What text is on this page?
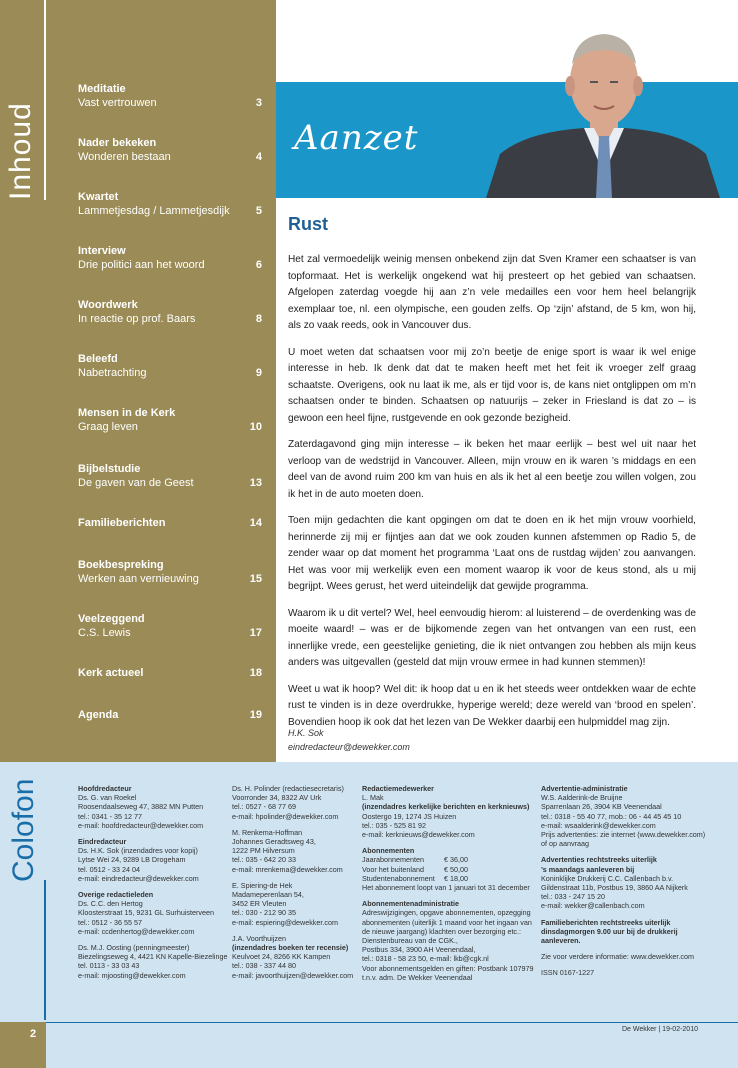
Inhoud
Meditatie
Vast vertrouwen	3
Nader bekeken
Wonderen bestaan	4
Kwartet
Lammetjesdag / Lammetjesdijk	5
Interview
Drie politici aan het woord	6
Woordwerk
In reactie op prof. Baars	8
Beleefd
Nabetrachting	9
Mensen in de Kerk
Graag leven	10
Bijbelstudie
De gaven van de Geest	13
Familieberichten	14
Boekbespreking
Werken aan vernieuwing	15
Veelzeggend
C.S. Lewis	17
Kerk actueel	18
Agenda	19
Aanzet
Rust

Het zal vermoedelijk weinig mensen onbekend zijn dat Sven Kramer een schaatser is van topformaat. Het is werkelijk ongekend wat hij presteert op het gebied van schaatsen. Afgelopen zaterdag voegde hij aan z’n vele medailles een voor hem heel belangrijk exemplaar toe, nl. een olympische, een gouden zelfs. Op ‘zijn’ afstand, de 5 km, won hij, als zo vaak reeds, ook in Vancouver dus.

U moet weten dat schaatsen voor mij zo’n beetje de enige sport is waar ik wel enige interesse in heb. Ik denk dat dat te maken heeft met het feit ik vroeger zelf graag schaatste. Overigens, ook nu laat ik me, als er tijd voor is, de kans niet ontglippen om m’n schaatsen onder te binden. Schaatsen op natuurijs – zeker in Friesland is dat zo – is gewoon een heel fijne, rustgevende en ook gezonde bezigheid.

Zaterdagavond ging mijn interesse – ik beken het maar eerlijk – best wel uit naar het verloop van de wedstrijd in Vancouver. Alleen, mijn vrouw en ik waren ’s middags en een deel van de avond ruim 200 km van huis en als ik het al een beetje zou willen volgen, zou ik het in de auto moeten doen.

Toen mijn gedachten die kant opgingen om dat te doen en ik het mijn vrouw voorhield, herinnerde zij mij er fijntjes aan dat we ook zouden kunnen afstemmen op Radio 5, de zender waar op dat moment het programma ‘Laat ons de rustdag wijden’ zou aanvangen. Het was voor mij werkelijk even een moment waarop ik voor de keus stond, als u mij begrijpt. Wees gerust, het werd uiteindelijk dat gewijde programma.

Waarom ik u dit vertel? Wel, heel eenvoudig hierom: al luisterend – de overdenking was de moeite waard! – was er de bijkomende zegen van het ontvangen van een rust, een innerlijke vrede, een geestelijke genieting, die ik niet ontvangen zou hebben als mijn keus anders was uitgevallen (gesteld dat mijn vrouw ermee in had kunnen stemmen)!

Weet u wat ik hoop? Wel dit: ik hoop dat u en ik het steeds weer ontdekken waar de echte rust te vinden is in deze overdrukke, hyperige wereld; deze wereld van ‘brood en spelen’. Bovendien hoop ik ook dat het lezen van De Wekker daarbij een hulpmiddel mag zijn.

H.K. Sok
eindredacteur@dewekker.com
Colofon	Hoofdredacteur
Ds. G. van Roekel
Roosendaalseweg 47, 3882 MN Putten
tel.: 0341 - 35 12 77
e-mail: hoofdredacteur@dewekker.com
Eindredacteur
Ds. H.K. Sok (inzendadres voor kopij)
Lytse Wei 24, 9289 LB Drogeham
tel. 0512 - 33 24 04
e-mail: eindredacteur@dewekker.com
Overige redactieleden
Ds. C.C. den Hertog
Kloosterstraat 15, 9231 GL Surhuisterveen
tel.: 0512 - 36 55 57
e-mail: ccdenhertog@dewekker.com
Ds. M.J. Oosting (penningmeester)
Biezelingseweg 4, 4421 KN Kapelle-Biezelinge
tel. 0113 - 33 03 43
e-mail: mjoosting@dewekker.com
Ds. H. Polinder (redactiesecretaris)
Voorronder 34, 8322 AV Urk
tel.: 0527 - 68 77 69
e-mail: hpolinder@dewekker.com
M. Renkema-Hoffman
Johannes Geradtsweg 43,
1222 PM Hilversum
tel.: 035 - 642 20 33
e-mail: mrenkema@dewekker.com
E. Spiering-de Hek
Madameperenlaan 54,
3452 ER Vleuten
tel.: 030 - 212 90 35
e-mail: espiering@dewekker.com
J.A. Voorthuijzen
(inzendadres boeken ter recensie)
Keulvoet 24, 8266 KK Kampen
tel.: 038 - 337 44 80
e-mail: javoorthuijzen@dewekker.com
Redactiemedewerker
L. Mak
(inzendadres kerkelijke berichten en kerknieuws)
Oostergo 19, 1274 JS Huizen
tel.: 035 - 525 81 92
e-mail: kerknieuws@dewekker.com
Abonnementen
Jaarabonnementen	€ 36,00
Voor het buitenland	€ 50,00
Studentenabonnement	€ 18,00
Het abonnement loopt van 1 januari tot 31 december
Abonnementenadministratie
Adreswijzigingen, opgave abonnementen, opzegging
abonnementen (uiterlijk 1 maand voor het ingaan van
de nieuwe jaargang) klachten over bezorging etc.:
Dienstenbureau van de CGK.,
Postbus 334, 3900 AH Veenendaal,
tel.: 0318 - 58 23 50, e-mail: lkb@cgk.nl
Voor abonnementsgelden en giften: Postbank 107979
t.n.v. adm. De Wekker Veenendaal
Advertentie-administratie
W.S. Aalderink-de Bruijne
Sparrenlaan 26, 3904 KB Veenendaal
tel.: 0318 - 55 40 77, mob.: 06 - 44 45 45 10
e-mail: wsaalderink@dewekker.com
Prijs advertenties: zie internet (www.dewekker.com)
of op aanvraag
Advertenties rechtstreeks uiterlijk
’s maandags aanleveren bij
Koninklijke Drukkerij C.C. Callenbach b.v.
Gildenstraat 11b, Postbus 19, 3860 AA Nijkerk
tel.: 033 - 247 15 20
e-mail: wekker@callenbach.com
Familieberichten rechtstreeks uiterlijk
dinsdagmorgen 9.00 uur bij de drukkerij
aanleveren.
Zie voor verdere informatie: www.dewekker.com
ISSN 0167-1227
2	De Wekker | 19-02-2010
